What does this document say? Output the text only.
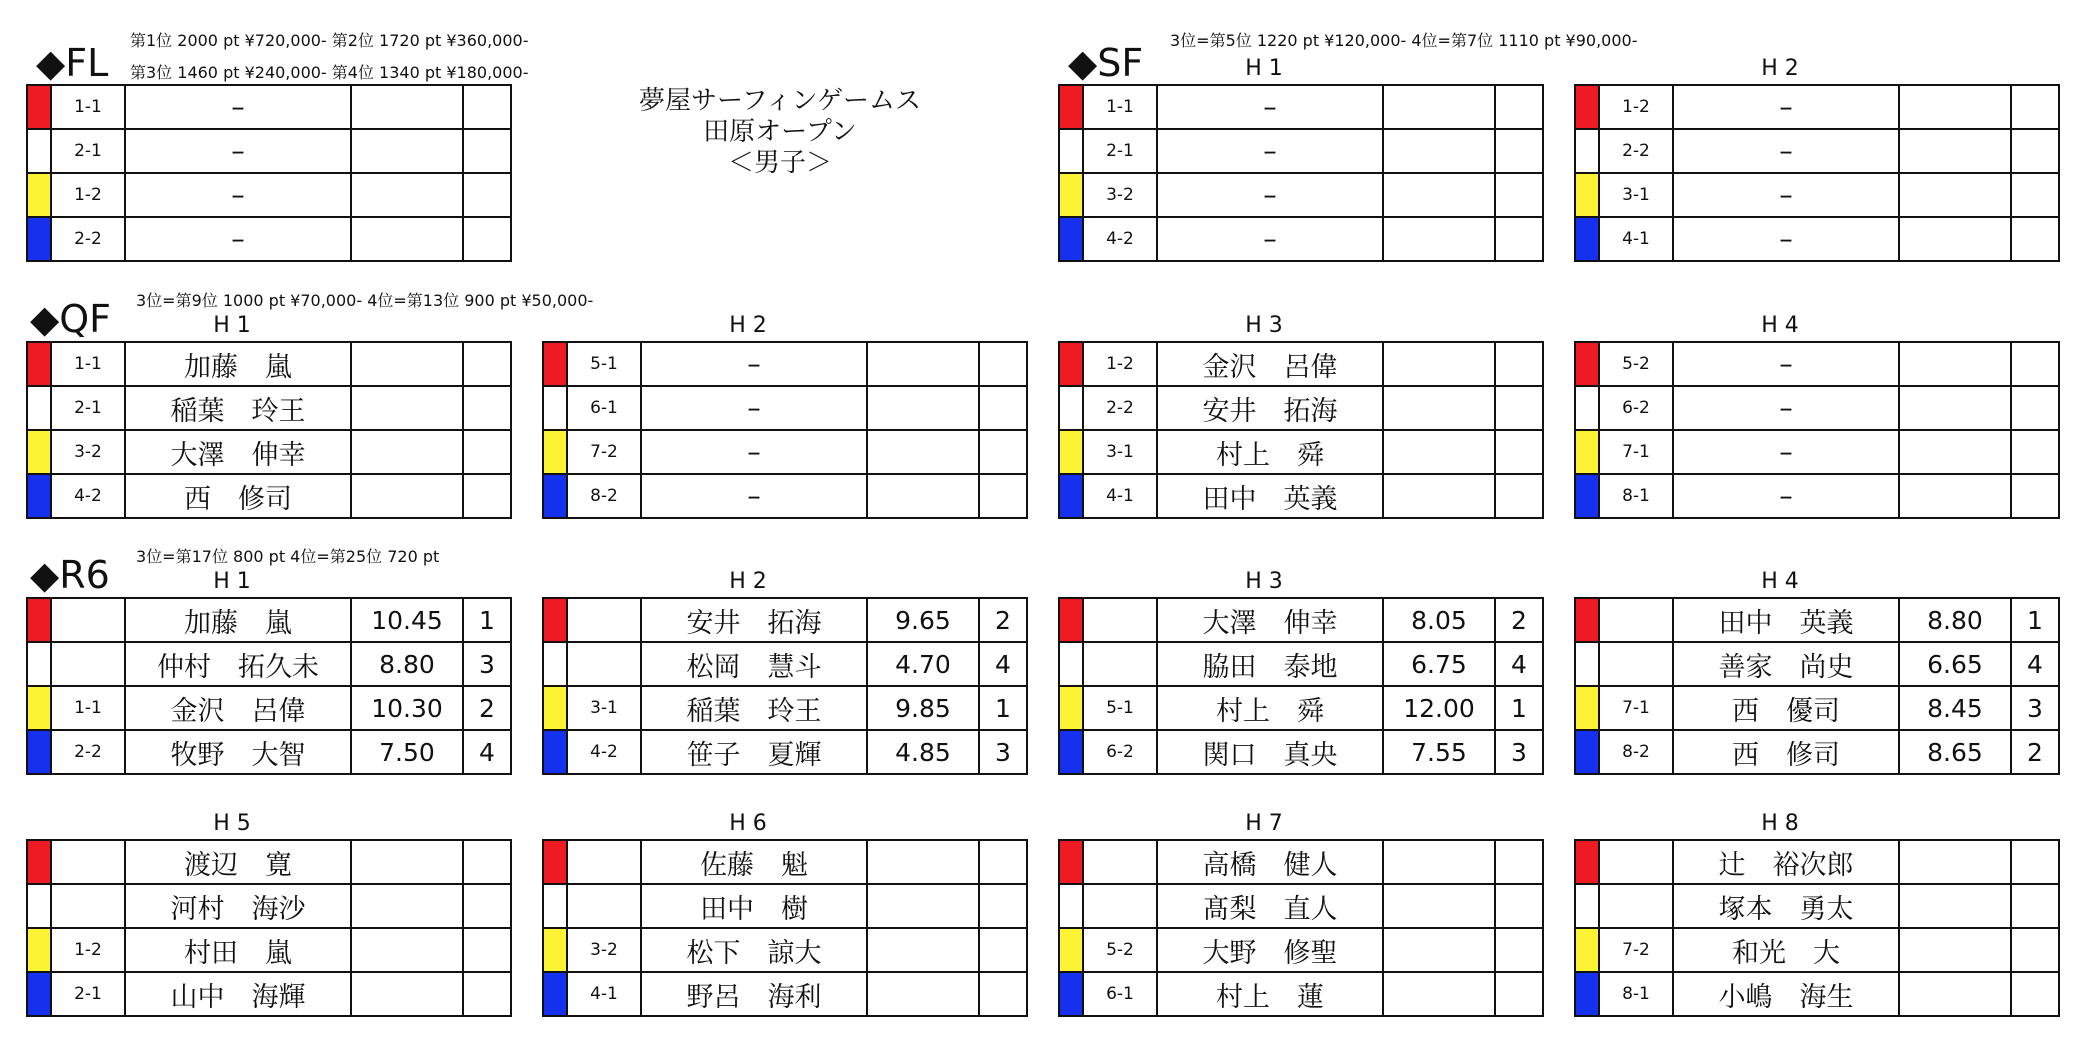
◆FL
第1位 2000 pt ¥720,000- 第2位 1720 pt ¥360,000-
第3位 1460 pt ¥240,000- 第4位 1340 pt ¥180,000-
夢屋サーフィンゲームス
田原オープン
＜男子＞
◆SF
3位=第5位 1220 pt ¥120,000- 4位=第7位 1110 pt ¥90,000-
◆QF 3位=第9位 1000 pt ¥70,000- 4位=第13位 900 pt ¥50,000-
◆R6 3位=第17位 800 pt 4位=第25位 720 pt
	1-1	–		
	2-1	–		
	1-2	–		
	2-2	–		
H 1
	1-1	–		
	2-1	–		
	3-2	–		
	4-2	–		
H 2
	1-2	–		
	2-2	–		
	3-1	–		
	4-1	–		
H 1
	1-1	加藤　嵐		
	2-1	稲葉　玲王		
	3-2	大澤　伸幸		
	4-2	西　修司		
H 2
	5-1	–		
	6-1	–		
	7-2	–		
	8-2	–		
H 3
	1-2	金沢　呂偉		
	2-2	安井　拓海		
	3-1	村上　舜		
	4-1	田中　英義		
H 4
	5-2	–		
	6-2	–		
	7-1	–		
	8-1	–		
H 1
		加藤　嵐	10.45	1
		仲村　拓久未	8.80	3
	1-1	金沢　呂偉	10.30	2
	2-2	牧野　大智	7.50	4
H 2
		安井　拓海	9.65	2
		松岡　慧斗	4.70	4
	3-1	稲葉　玲王	9.85	1
	4-2	笹子　夏輝	4.85	3
H 3
		大澤　伸幸	8.05	2
		脇田　泰地	6.75	4
	5-1	村上　舜	12.00	1
	6-2	関口　真央	7.55	3
H 4
		田中　英義	8.80	1
		善家　尚史	6.65	4
	7-1	西　優司	8.45	3
	8-2	西　修司	8.65	2
H 5
		渡辺　寛		
		河村　海沙		
	1-2	村田　嵐		
	2-1	山中　海輝		
H 6
		佐藤　魁		
		田中　樹		
	3-2	松下　諒大		
	4-1	野呂　海利		
H 7
		高橋　健人		
		髙梨　直人		
	5-2	大野　修聖		
	6-1	村上　蓮		
H 8
		辻　裕次郎		
		塚本　勇太		
	7-2	和光　大		
	8-1	小嶋　海生		
